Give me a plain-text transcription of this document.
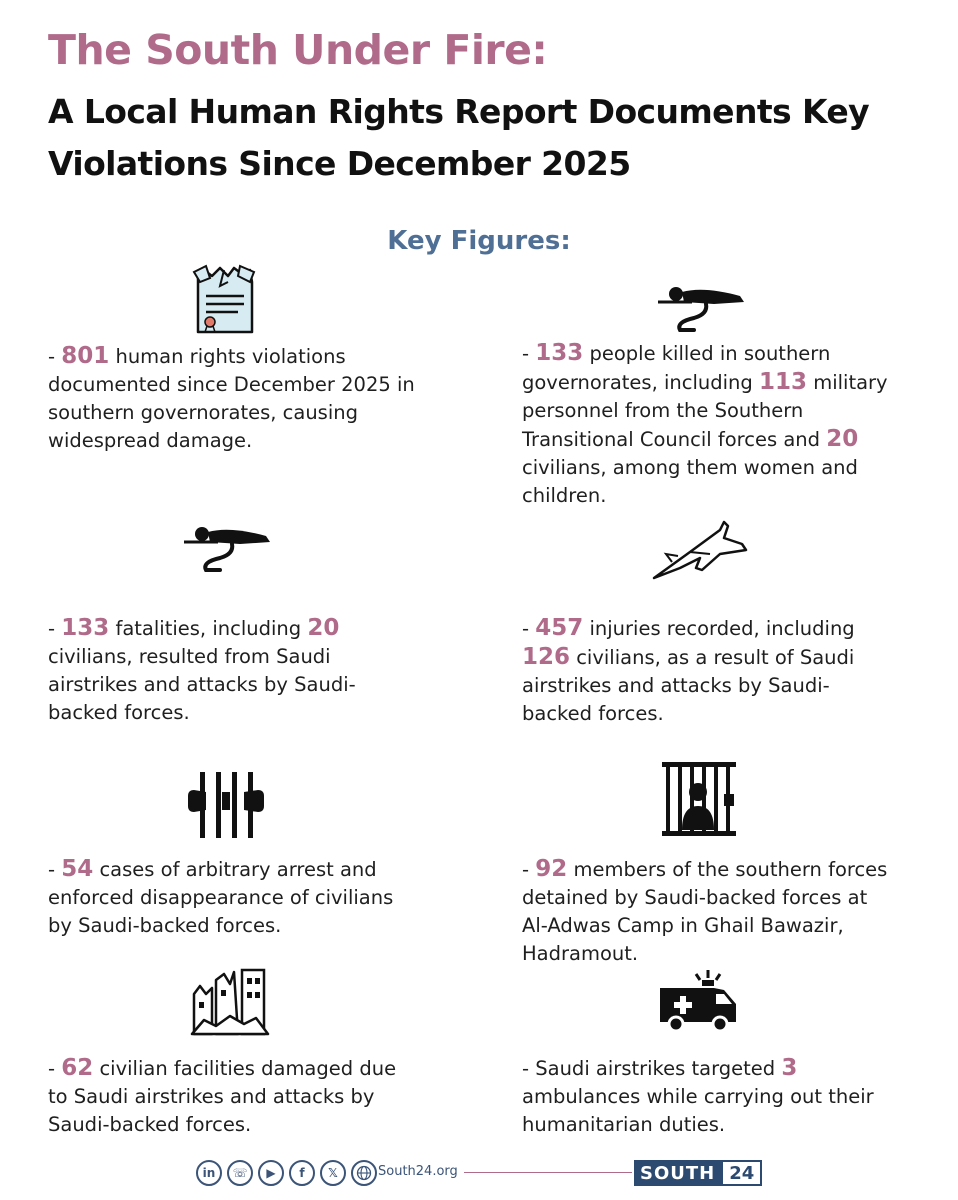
The South Under Fire:
A Local Human Rights Report Documents Key Violations Since December 2025
Key Figures:
- 801 human rights violations documented since December 2025 in southern governorates, causing widespread damage.
- 133 people killed in southern governorates, including 113 military personnel from the Southern Transitional Council forces and 20 civilians, among them women and children.
- 133 fatalities, including 20 civilians, resulted from Saudi airstrikes and attacks by Saudi-backed forces.
- 457 injuries recorded, including 126 civilians, as a result of Saudi airstrikes and attacks by Saudi-backed forces.
- 54 cases of arbitrary arrest and enforced disappearance of civilians by Saudi-backed forces.
- 92 members of the southern forces detained by Saudi-backed forces at Al-Adwas Camp in Ghail Bawazir, Hadramout.
- 62 civilian facilities damaged due to Saudi airstrikes and attacks by Saudi-backed forces.
- Saudi airstrikes targeted 3 ambulances while carrying out their humanitarian duties.
in	☏	▶	f	𝕏	South24.org	SOUTH 24
